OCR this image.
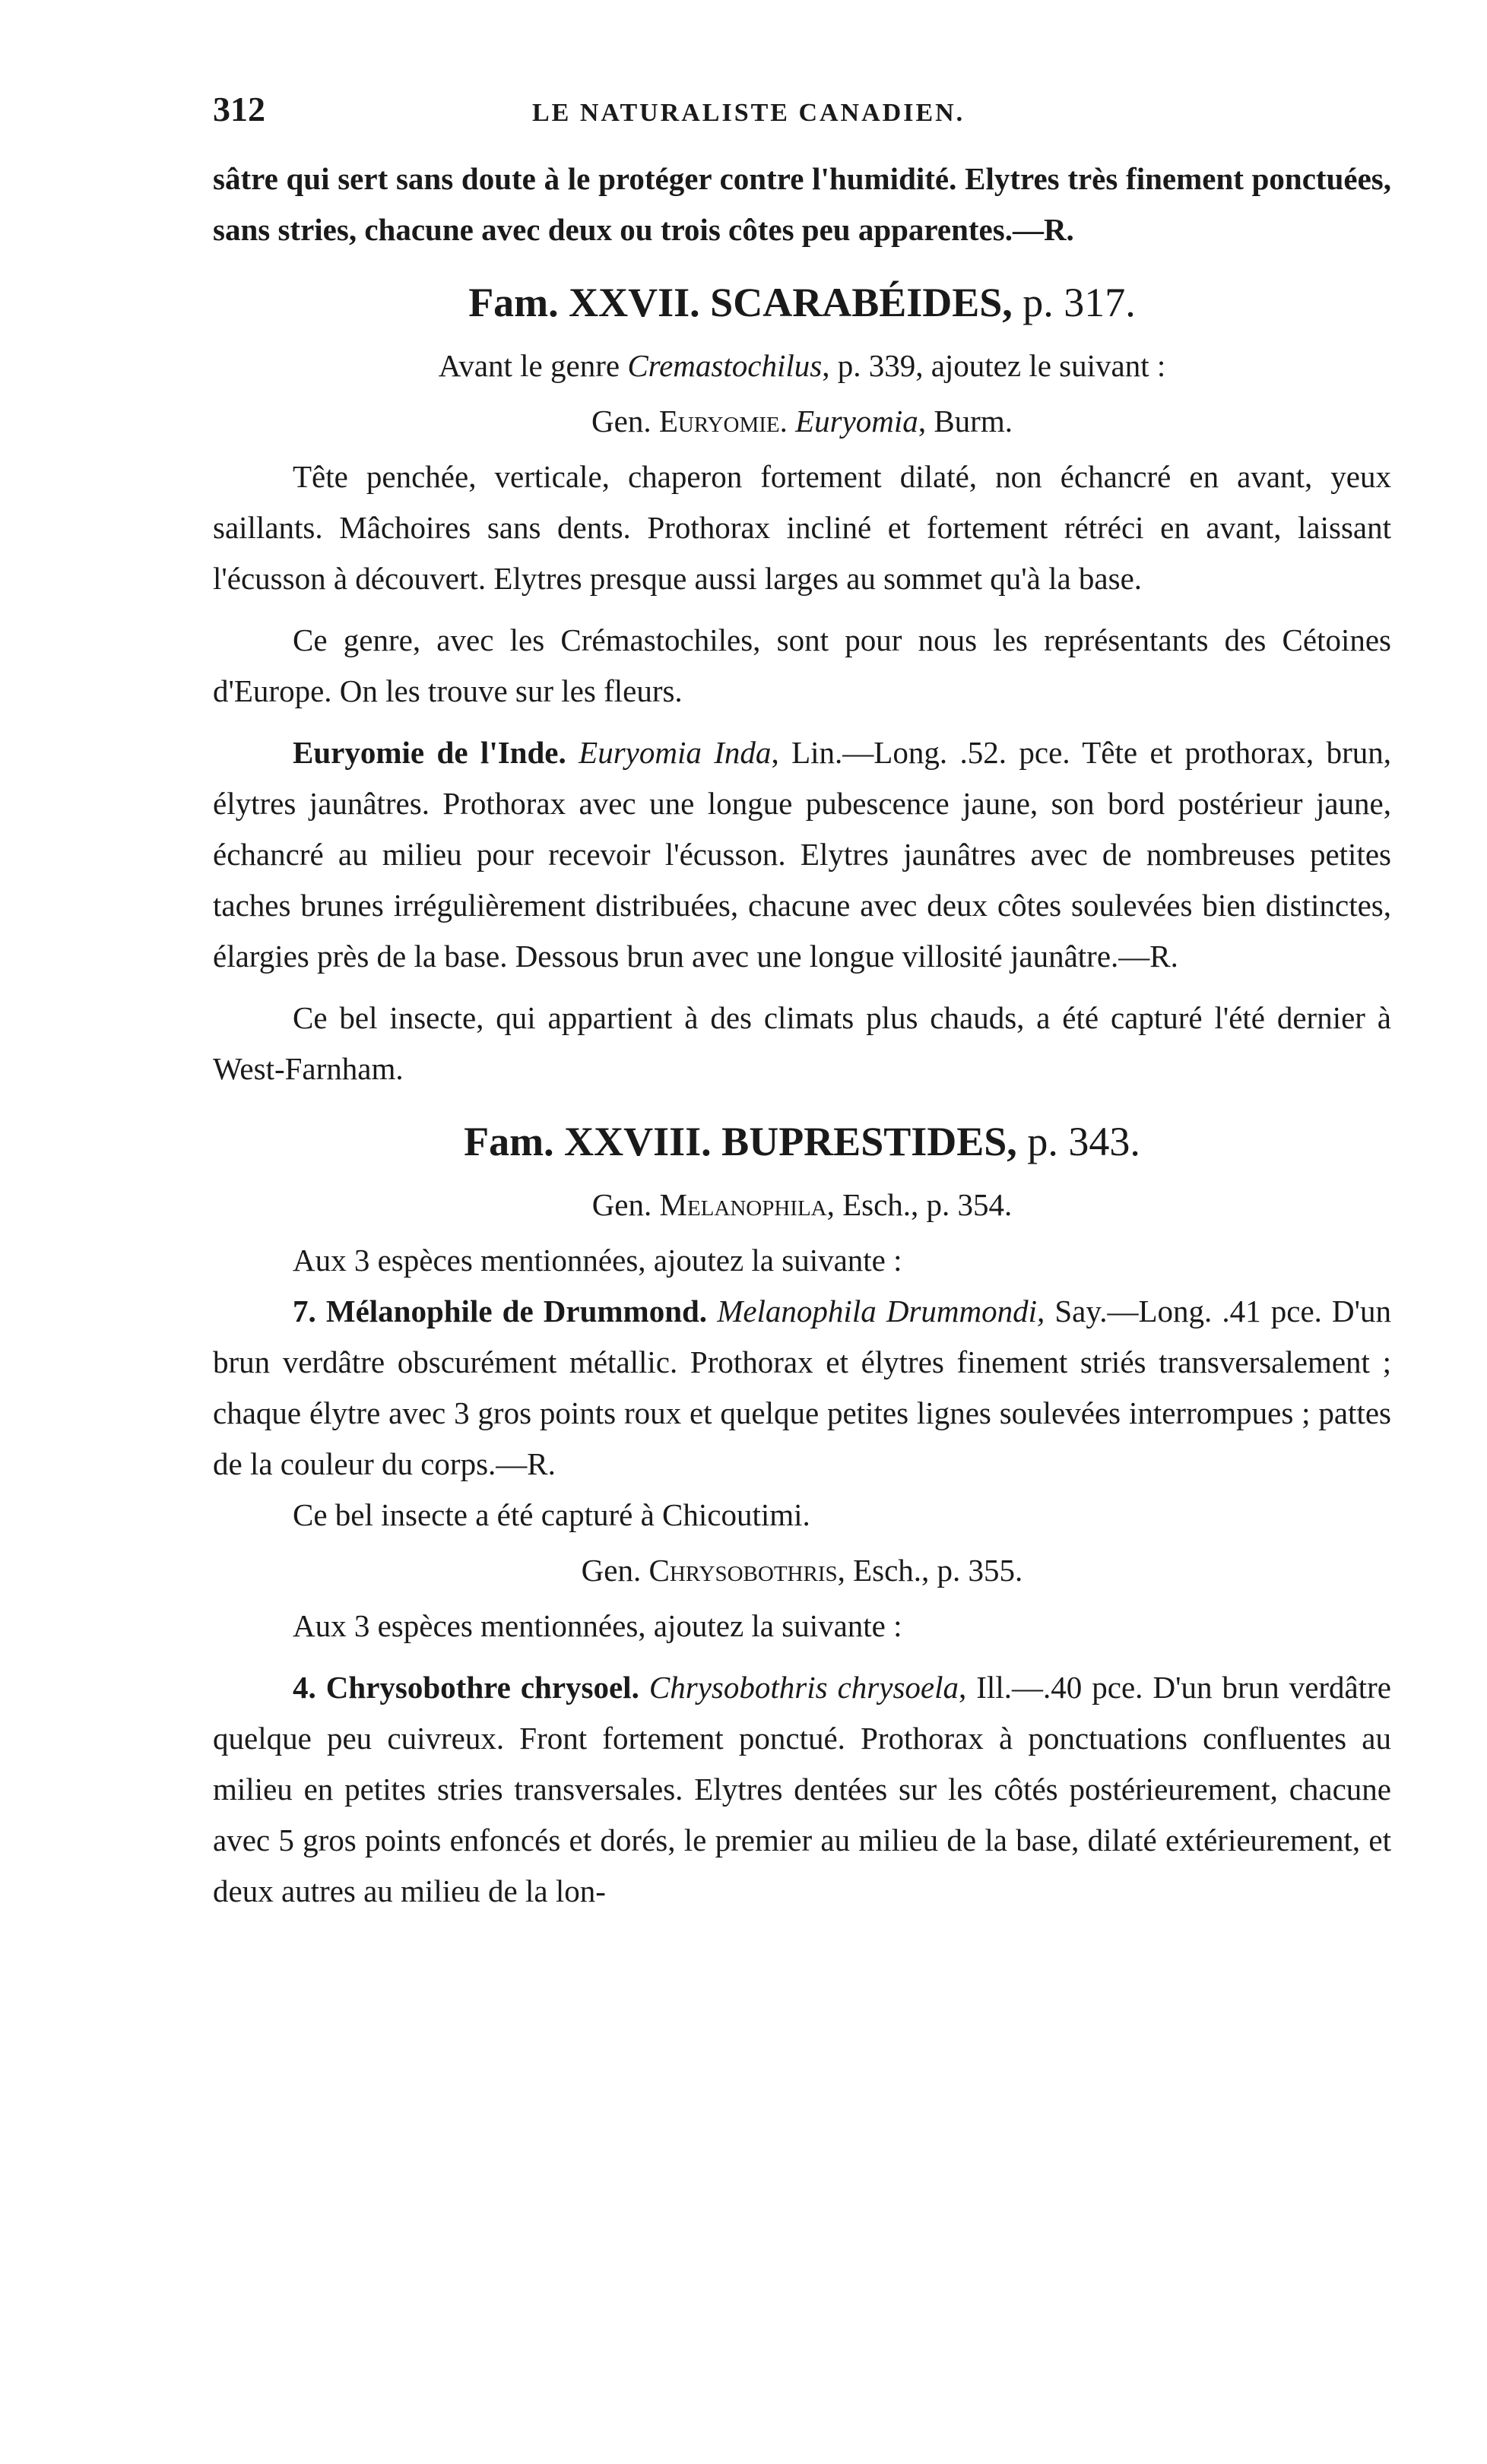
312	LE NATURALISTE CANADIEN.

sâtre qui sert sans doute à le protéger contre l'humidité. Elytres très finement ponctuées, sans stries, chacune avec deux ou trois côtes peu apparentes.—R.

Fam. XXVII. SCARABÉIDES, p. 317.

Avant le genre Cremastochilus, p. 339, ajoutez le suivant :

Gen. Euryomie. Euryomia, Burm.

Tête penchée, verticale, chaperon fortement dilaté, non échancré en avant, yeux saillants. Mâchoires sans dents. Prothorax incliné et fortement rétréci en avant, laissant l'écusson à découvert. Elytres presque aussi larges au sommet qu'à la base.

Ce genre, avec les Crémastochiles, sont pour nous les représentants des Cétoines d'Europe. On les trouve sur les fleurs.

Euryomie de l'Inde. Euryomia Inda, Lin.—Long. .52. pce. Tête et prothorax, brun, élytres jaunâtres. Prothorax avec une longue pubescence jaune, son bord postérieur jaune, échancré au milieu pour recevoir l'écusson. Elytres jaunâtres avec de nombreuses petites taches brunes irrégulièrement distribuées, chacune avec deux côtes soulevées bien distinctes, élargies près de la base. Dessous brun avec une longue villosité jaunâtre.—R.

Ce bel insecte, qui appartient à des climats plus chauds, a été capturé l'été dernier à West-Farnham.

Fam. XXVIII. BUPRESTIDES, p. 343.

Gen. Melanophila, Esch., p. 354.

Aux 3 espèces mentionnées, ajoutez la suivante :

7. Mélanophile de Drummond. Melanophila Drummondi, Say.—Long. .41 pce. D'un brun verdâtre obscurément métallic. Prothorax et élytres finement striés transversalement ; chaque élytre avec 3 gros points roux et quelque petites lignes soulevées interrompues ; pattes de la couleur du corps.—R.

Ce bel insecte a été capturé à Chicoutimi.

Gen. Chrysobothris, Esch., p. 355.

Aux 3 espèces mentionnées, ajoutez la suivante :

4. Chrysobothre chrysoel. Chrysobothris chrysoela, Ill.—.40 pce. D'un brun verdâtre quelque peu cuivreux. Front fortement ponctué. Prothorax à ponctuations confluentes au milieu en petites stries transversales. Elytres dentées sur les côtés postérieurement, chacune avec 5 gros points enfoncés et dorés, le premier au milieu de la base, dilaté extérieurement, et deux autres au milieu de la lon-
